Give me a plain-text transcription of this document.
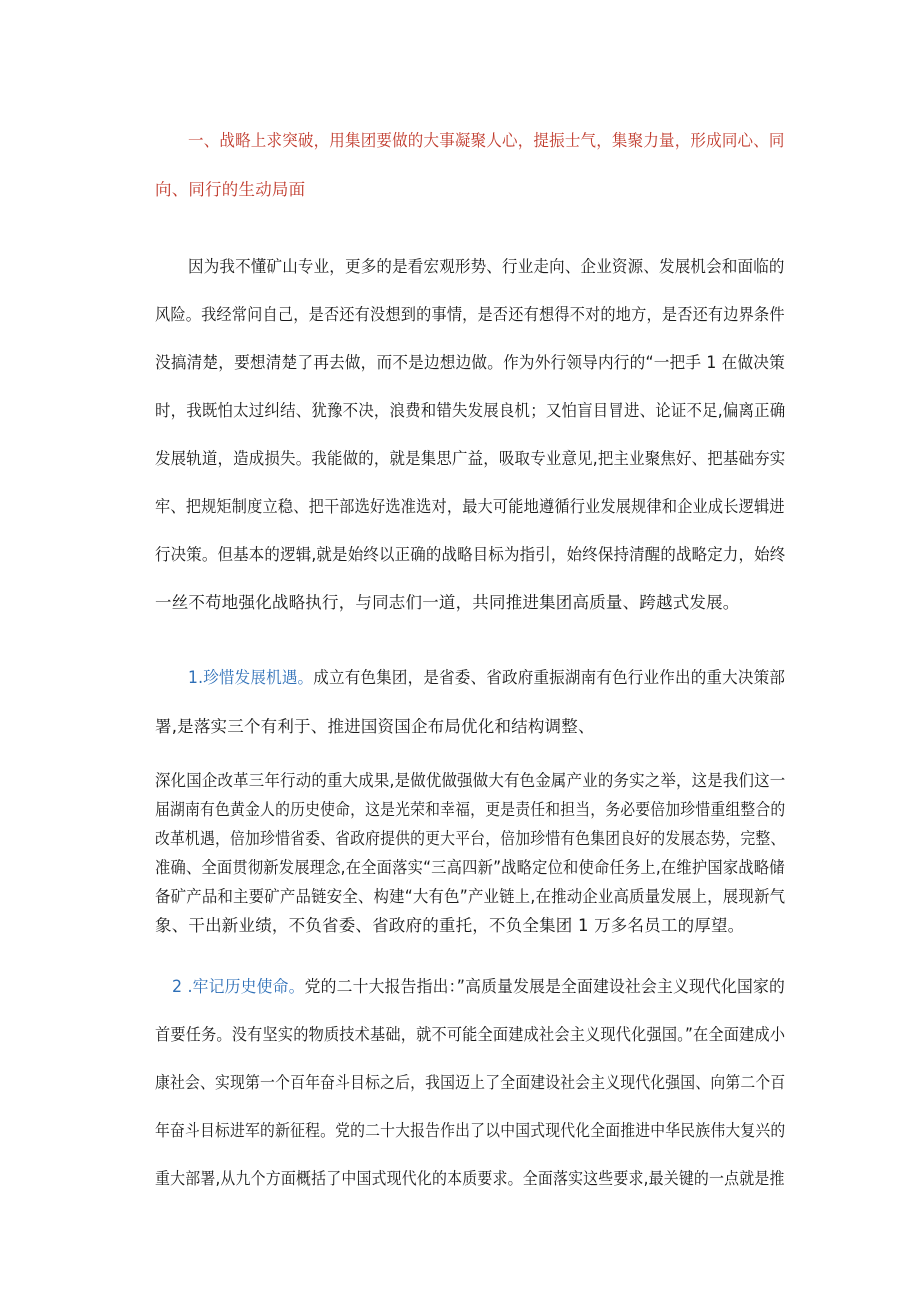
一、战略上求突破，用集团要做的大事凝聚人心，提振士气，集聚力量，形成同心、同
向、同行的生动局面
因为我不懂矿山专业，更多的是看宏观形势、行业走向、企业资源、发展机会和面临的
风险。我经常问自己，是否还有没想到的事情，是否还有想得不对的地方，是否还有边界条件
没搞清楚，要想清楚了再去做，而不是边想边做。作为外行领导内行的“一把手 1 在做决策
时，我既怕太过纠结、犹豫不决，浪费和错失发展良机；又怕盲目冒进、论证不足,偏离正确
发展轨道，造成损失。我能做的，就是集思广益，吸取专业意见,把主业聚焦好、把基础夯实
牢、把规矩制度立稳、把干部选好选准选对，最大可能地遵循行业发展规律和企业成长逻辑进
行决策。但基本的逻辑,就是始终以正确的战略目标为指引，始终保持清醒的战略定力，始终
一丝不苟地强化战略执行，与同志们一道，共同推进集团高质量、跨越式发展。
1.珍惜发展机遇。成立有色集团，是省委、省政府重振湖南有色行业作出的重大决策部
署,是落实三个有利于、推进国资国企布局优化和结构调整、
深化国企改革三年行动的重大成果,是做优做强做大有色金属产业的务实之举，这是我们这一
届湖南有色黄金人的历史使命，这是光荣和幸福，更是责任和担当，务必要倍加珍惜重组整合的
改革机遇，倍加珍惜省委、省政府提供的更大平台，倍加珍惜有色集团良好的发展态势，完整、
准确、全面贯彻新发展理念,在全面落实“三高四新”战略定位和使命任务上,在维护国家战略储
备矿产品和主要矿产品链安全、构建“大有色”产业链上,在推动企业高质量发展上，展现新气
象、干出新业绩，不负省委、省政府的重托，不负全集团 1 万多名员工的厚望。
2 .牢记历史使命。党的二十大报告指出：”高质量发展是全面建设社会主义现代化国家的
首要任务。没有坚实的物质技术基础，就不可能全面建成社会主义现代化强国。”在全面建成小
康社会、实现第一个百年奋斗目标之后，我国迈上了全面建设社会主义现代化强国、向第二个百
年奋斗目标进军的新征程。党的二十大报告作出了以中国式现代化全面推进中华民族伟大复兴的
重大部署,从九个方面概括了中国式现代化的本质要求。全面落实这些要求,最关键的一点就是推
